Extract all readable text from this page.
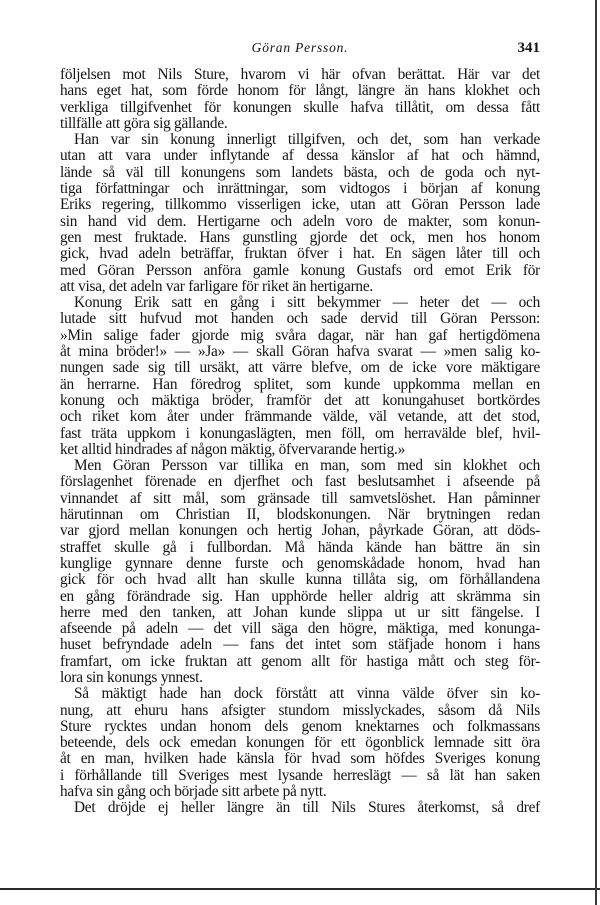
Göran Persson.	341

följelsen mot Nils Sture, hvarom vi här ofvan berättat. Här var det
hans eget hat, som förde honom för långt, längre än hans klokhet och
verkliga tillgifvenhet för konungen skulle hafva tillåtit, om dessa fått
tillfälle att göra sig gällande.

Han var sin konung innerligt tillgifven, och det, som han verkade
utan att vara under inflytande af dessa känslor af hat och hämnd,
lände så väl till konungens som landets bästa, och de goda och nyt-
tiga författningar och inrättningar, som vidtogos i början af konung
Eriks regering, tillkommo visserligen icke, utan att Göran Persson lade
sin hand vid dem. Hertigarne och adeln voro de makter, som konun-
gen mest fruktade. Hans gunstling gjorde det ock, men hos honom
gick, hvad adeln beträffar, fruktan öfver i hat. En sägen låter till och
med Göran Persson anföra gamle konung Gustafs ord emot Erik för
att visa, det adeln var farligare för riket än hertigarne.

Konung Erik satt en gång i sitt bekymmer — heter det — och
lutade sitt hufvud mot handen och sade dervid till Göran Persson:
»Min salige fader gjorde mig svåra dagar, när han gaf hertigdömena
åt mina bröder!» — »Ja» — skall Göran hafva svarat — »men salig ko-
nungen sade sig till ursäkt, att värre blefve, om de icke vore mäktigare
än herrarne. Han föredrog splitet, som kunde uppkomma mellan en
konung och mäktiga bröder, framför det att konungahuset bortkördes
och riket kom åter under främmande välde, väl vetande, att det stod,
fast träta uppkom i konungaslägten, men föll, om herravälde blef, hvil-
ket alltid hindrades af någon mäktig, öfvervarande hertig.»

Men Göran Persson var tillika en man, som med sin klokhet och
förslagenhet förenade en djerfhet och fast beslutsamhet i afseende på
vinnandet af sitt mål, som gränsade till samvetslöshet. Han påminner
härutinnan om Christian II, blodskonungen. När brytningen redan
var gjord mellan konungen och hertig Johan, påyrkade Göran, att döds-
straffet skulle gå i fullbordan. Må hända kände han bättre än sin
kunglige gynnare denne furste och genomskådade honom, hvad han
gick för och hvad allt han skulle kunna tillåta sig, om förhållandena
en gång förändrade sig. Han upphörde heller aldrig att skrämma sin
herre med den tanken, att Johan kunde slippa ut ur sitt fängelse. I
afseende på adeln — det vill säga den högre, mäktiga, med konunga-
huset befryndade adeln — fans det intet som stäfjade honom i hans
framfart, om icke fruktan att genom allt för hastiga mått och steg för-
lora sin konungs ynnest.

Så mäktigt hade han dock förstått att vinna välde öfver sin ko-
nung, att ehuru hans afsigter stundom misslyckades, såsom då Nils
Sture rycktes undan honom dels genom knektarnes och folkmassans
beteende, dels ock emedan konungen för ett ögonblick lemnade sitt öra
åt en man, hvilken hade känsla för hvad som höfdes Sveriges konung
i förhållande till Sveriges mest lysande herreslägt — så lät han saken
hafva sin gång och började sitt arbete på nytt.

Det dröjde ej heller längre än till Nils Stures återkomst, så dref
